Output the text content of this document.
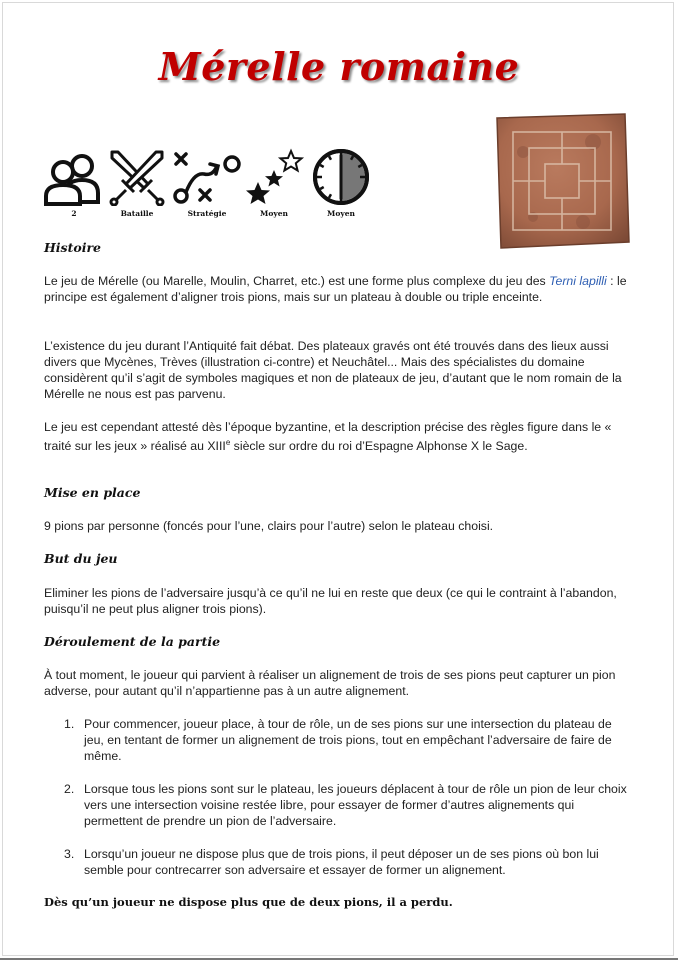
Mérelle romaine
2	Bataille	Stratégie	Moyen	Moyen
Histoire

Le jeu de Mérelle (ou Marelle, Moulin, Charret, etc.) est une forme plus complexe du jeu des Terni lapilli : le principe est également d’aligner trois pions, mais sur un plateau à double ou triple enceinte.

L’existence du jeu durant l’Antiquité fait débat. Des plateaux gravés ont été trouvés dans des lieux aussi divers que Mycènes, Trèves (illustration ci-contre) et Neuchâtel... Mais des spécialistes du domaine considèrent qu’il s’agit de symboles magiques et non de plateaux de jeu, d’autant que le nom romain de la Mérelle ne nous est pas parvenu.

Le jeu est cependant attesté dès l’époque byzantine, et la description précise des règles figure dans le « traité sur les jeux » réalisé au XIIIe siècle sur ordre du roi d’Espagne Alphonse X le Sage.

Mise en place

9 pions par personne (foncés pour l’une, clairs pour l’autre) selon le plateau choisi.

But du jeu

Eliminer les pions de l’adversaire jusqu’à ce qu’il ne lui en reste que deux (ce qui le contraint à l’abandon, puisqu’il ne peut plus aligner trois pions).

Déroulement de la partie

À tout moment, le joueur qui parvient à réaliser un alignement de trois de ses pions peut capturer un pion adverse, pour autant qu’il n’appartienne pas à un autre alignement.

1. Pour commencer, joueur place, à tour de rôle, un de ses pions sur une intersection du plateau de jeu, en tentant de former un alignement de trois pions, tout en empêchant l’adversaire de faire de même.
2. Lorsque tous les pions sont sur le plateau, les joueurs déplacent à tour de rôle un pion de leur choix vers une intersection voisine restée libre, pour essayer de former d’autres alignements qui permettent de prendre un pion de l’adversaire.
3. Lorsqu’un joueur ne dispose plus que de trois pions, il peut déposer un de ses pions où bon lui semble pour contrecarrer son adversaire et essayer de former un alignement.

Dès qu’un joueur ne dispose plus que de deux pions, il a perdu.
